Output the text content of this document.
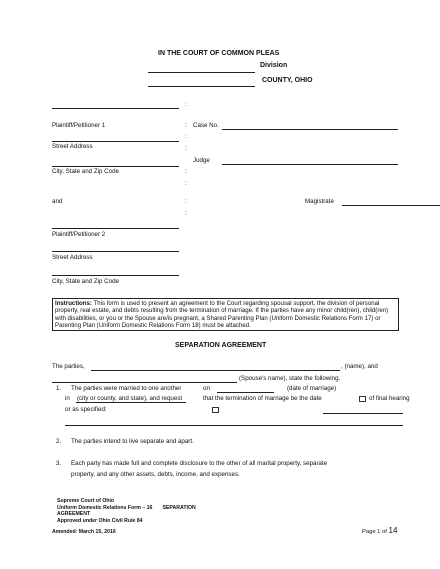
IN THE COURT OF COMMON PLEAS
Division
COUNTY, OHIO
:
Plaintiff/Petitioner 1	:
:
Street Address	:
City, State and Zip Code	:
:
and	:
:
Plaintiff/Petitioner 2
Street Address
City, State and Zip Code
Case No.
Judge
Magistrate
Instructions: This form is used to present an agreement to the Court regarding spousal support, the division of personal property, real estate, and debts resulting from the termination of marriage. If the parties have any minor child(ren), child(ren) with disabilities, or you or the Spouse are/is pregnant, a Shared Parenting Plan (Uniform Domestic Relations Form 17) or Parenting Plan (Uniform Domestic Relations Form 18) must be attached.
SEPARATION AGREEMENT
The parties,	, (name), and
(Spouse's name), state the following.
1. The parties were married to one another	on	(date of marriage)
in (city or county, and state), and request	that the termination of marriage be the date	of final hearing
or as specified:
2. The parties intend to live separate and apart.
3. Each party has made full and complete disclosure to the other of all marital property, separate
property, and any other assets, debts, income, and expenses.
Supreme Court of Ohio
Uniform Domestic Relations Form – 16       SEPARATION
AGREEMENT
Approved under Ohio Civil Rule 84
Amended: March 15, 2016	Page 1 of 14
